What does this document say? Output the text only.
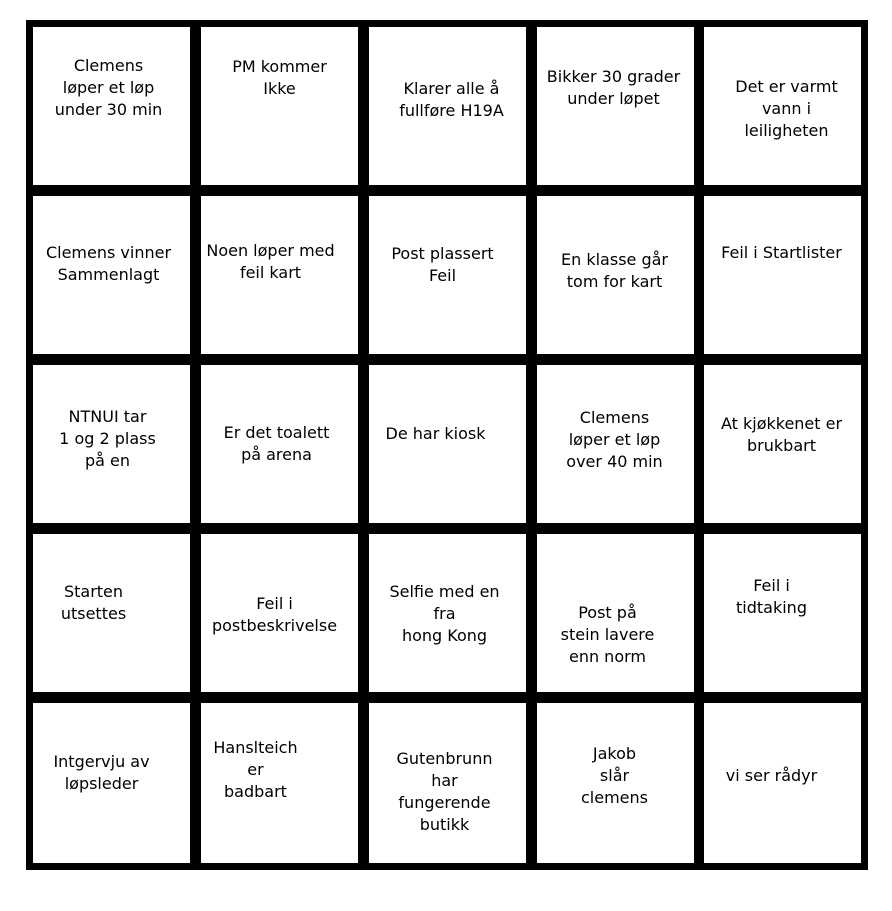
Clemens
løper et løp
under 30 min
PM kommer
Ikke	Klarer alle å
fullføre H19A
Bikker 30 grader
under løpet
Det er varmt
vann i
leiligheten
Clemens vinner
Sammenlagt
Noen løper med
feil kart
Post plassert
Feil
En klasse går
tom for kart
Feil i Startlister
NTNUI tar
1 og 2 plass
på en
Er det toalett
på arena
De har kiosk
Clemens
løper et løp
over 40 min
At kjøkkenet er
brukbart
Starten
utsettes
Feil i
postbeskrivelse
Selfie med en
fra
hong Kong
Post på
stein lavere
enn norm
Feil i
tidtaking
Intgervju av
løpsleder
Hanslteich
er
badbart
Gutenbrunn
har
fungerende
butikk
Jakob
slår
clemens
vi ser rådyr
